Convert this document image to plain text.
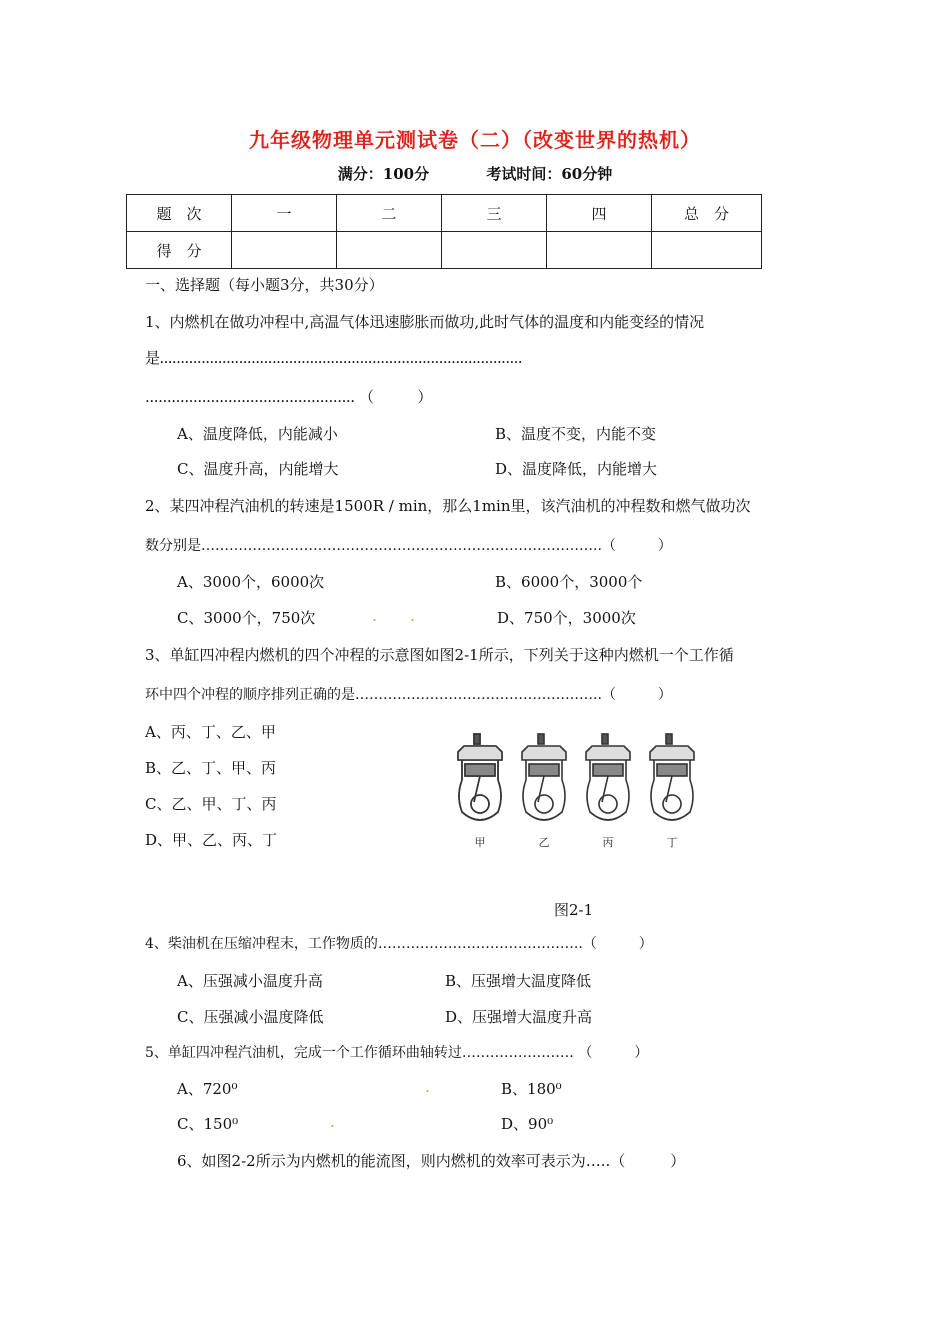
九年级物理单元测试卷（二）（改变世界的热机）
满分：100分	考试时间：60分钟
题　次	一	二	三	四	总　分
得　分					
一、选择题（每小题3分，共30分）
1、内燃机在做功冲程中,高温气体迅速膨胀而做功,此时气体的温度和内能变经的情况
是.......................................................................................
................................................ （　　　）
A、温度降低，内能减小	B、温度不变，内能不变
C、温度升高，内能增大	D、温度降低，内能增大
2、某四冲程汽油机的转速是1500R / min，那么1min里，该汽油机的冲程数和燃气做功次
数分别是…………………………………………………………………………..（　　　）
A、3000个，6000次	B、6000个，3000个
C、3000个，750次	. .	D、750个，3000次
3、单缸四冲程内燃机的四个冲程的示意图如图2-1所示，下列关于这种内燃机一个工作循
环中四个冲程的顺序排列正确的是……………………………………………..（　　　）
A、丙、丁、乙、甲
B、乙、丁、甲、丙
C、乙、甲、丁、丙
D、甲、乙、丙、丁	甲	乙	丙	丁
图2-1
4、柴油机在压缩冲程末，工作物质的……………………………………..（　　　）
A、压强减小温度升高	B、压强增大温度降低
C、压强减小温度降低	D、压强增大温度升高
5、单缸四冲程汽油机，完成一个工作循环曲轴转过…………………… （　　　）
A、720⁰	.	B、180⁰
C、150⁰	.	D、90⁰
6、如图2-2所示为内燃机的能流图，则内燃机的效率可表示为…..（　　　）
